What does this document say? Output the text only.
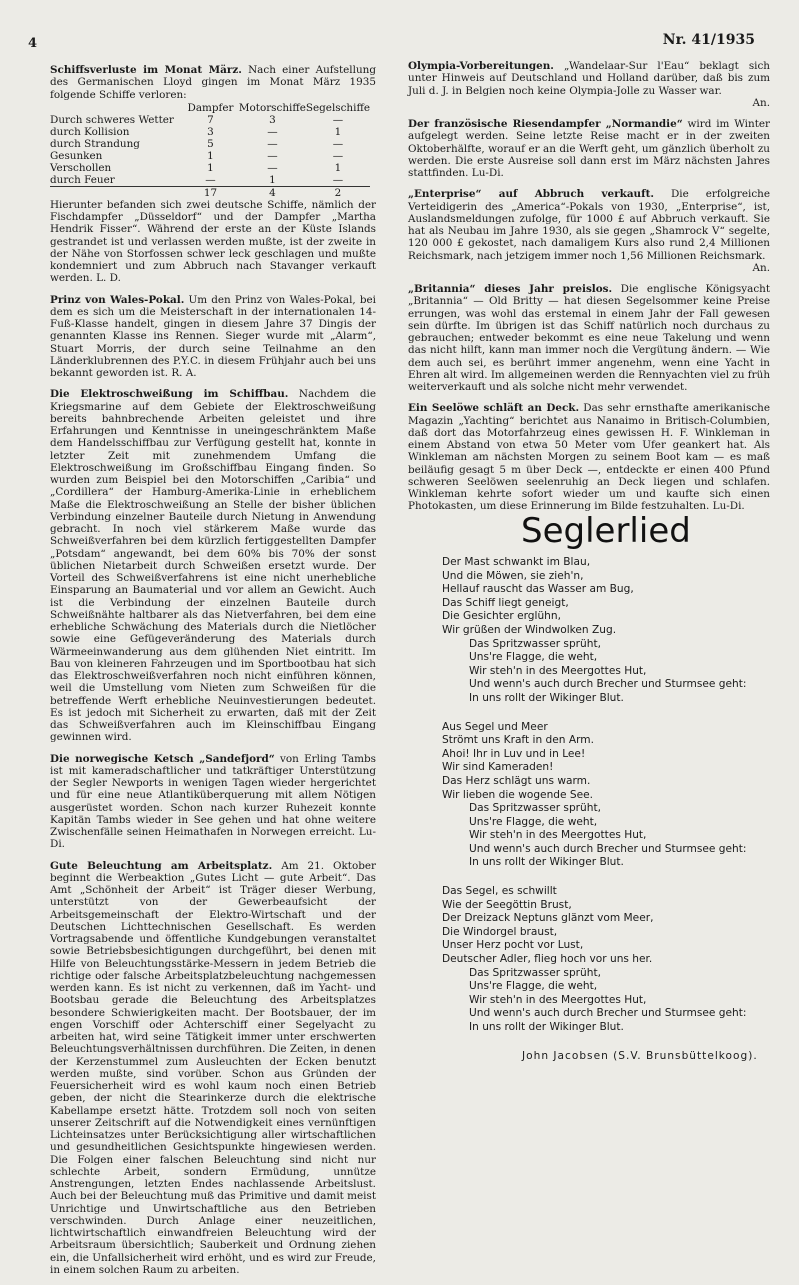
4	Nr. 41/1935

Schiffsverluste im Monat März. Nach einer Aufstellung des Germanischen Lloyd gingen im Monat März 1935 folgende Schiffe verloren:

	Dampfer	Motorschiffe	Segelschiffe
Durch schweres Wetter	7	3	—
durch Kollision	3	—	1
durch Strandung	5	—	—
Gesunken	1	—	—
Verschollen	1	—	1
durch Feuer	—	1	—
	17	4	2

Hierunter befanden sich zwei deutsche Schiffe, nämlich der Fischdampfer „Düsseldorf“ und der Dampfer „Martha Hendrik Fisser“. Während der erste an der Küste Islands gestrandet ist und verlassen werden mußte, ist der zweite in der Nähe von Storfossen schwer leck geschlagen und mußte kondemniert und zum Abbruch nach Stavanger verkauft werden. L. D.

Prinz von Wales-Pokal. Um den Prinz von Wales-Pokal, bei dem es sich um die Meisterschaft in der internationalen 14-Fuß-Klasse handelt, gingen in diesem Jahre 37 Dingis der genannten Klasse ins Rennen. Sieger wurde mit „Alarm“, Stuart Morris, der durch seine Teilnahme an den Länderklubrennen des P.Y.C. in diesem Frühjahr auch bei uns bekannt geworden ist. R. A.

Die Elektroschweißung im Schiffbau. Nachdem die Kriegsmarine auf dem Gebiete der Elektroschweißung bereits bahnbrechende Arbeiten geleistet und ihre Erfahrungen und Kenntnisse in uneingeschränktem Maße dem Handelsschiffbau zur Verfügung gestellt hat, konnte in letzter Zeit mit zunehmendem Umfang die Elektroschweißung im Großschiffbau Eingang finden. So wurden zum Beispiel bei den Motorschiffen „Caribia“ und „Cordillera“ der Hamburg-Amerika-Linie in erheblichem Maße die Elektroschweißung an Stelle der bisher üblichen Verbindung einzelner Bauteile durch Nietung in Anwendung gebracht. In noch viel stärkerem Maße wurde das Schweißverfahren bei dem kürzlich fertiggestellten Dampfer „Potsdam“ angewandt, bei dem 60% bis 70% der sonst üblichen Nietarbeit durch Schweißen ersetzt wurde. Der Vorteil des Schweißverfahrens ist eine nicht unerhebliche Einsparung an Baumaterial und vor allem an Gewicht. Auch ist die Verbindung der einzelnen Bauteile durch Schweißnähte haltbarer als das Nietverfahren, bei dem eine erhebliche Schwächung des Materials durch die Nietlöcher sowie eine Gefügeveränderung des Materials durch Wärmeeinwanderung aus dem glühenden Niet eintritt. Im Bau von kleineren Fahrzeugen und im Sportbootbau hat sich das Elektroschweißverfahren noch nicht einführen können, weil die Umstellung vom Nieten zum Schweißen für die betreffende Werft erhebliche Neuinvestierungen bedeutet. Es ist jedoch mit Sicherheit zu erwarten, daß mit der Zeit das Schweißverfahren auch im Kleinschiffbau Eingang gewinnen wird.

Die norwegische Ketsch „Sandefjord“ von Erling Tambs ist mit kameradschaftlicher und tatkräftiger Unterstützung der Segler Newports in wenigen Tagen wieder hergerichtet und für eine neue Atlantiküberquerung mit allem Nötigen ausgerüstet worden. Schon nach kurzer Ruhezeit konnte Kapitän Tambs wieder in See gehen und hat ohne weitere Zwischenfälle seinen Heimathafen in Norwegen erreicht. Lu-Di.

Gute Beleuchtung am Arbeitsplatz. Am 21. Oktober beginnt die Werbeaktion „Gutes Licht — gute Arbeit“. Das Amt „Schönheit der Arbeit“ ist Träger dieser Werbung, unterstützt von der Gewerbeaufsicht der Arbeitsgemeinschaft der Elektro-Wirtschaft und der Deutschen Lichttechnischen Gesellschaft. Es werden Vortragsabende und öffentliche Kundgebungen veranstaltet sowie Betriebsbesichtigungen durchgeführt, bei denen mit Hilfe von Beleuchtungsstärke-Messern in jedem Betrieb die richtige oder falsche Arbeitsplatzbeleuchtung nachgemessen werden kann. Es ist nicht zu verkennen, daß im Yacht- und Bootsbau gerade die Beleuchtung des Arbeitsplatzes besondere Schwierigkeiten macht. Der Bootsbauer, der im engen Vorschiff oder Achterschiff einer Segelyacht zu arbeiten hat, wird seine Tätigkeit immer unter erschwerten Beleuchtungsverhältnissen durchführen. Die Zeiten, in denen der Kerzenstummel zum Ausleuchten der Ecken benutzt werden mußte, sind vorüber. Schon aus Gründen der Feuersicherheit wird es wohl kaum noch einen Betrieb geben, der nicht die Stearinkerze durch die elektrische Kabellampe ersetzt hätte. Trotzdem soll noch von seiten unserer Zeitschrift auf die Notwendigkeit eines vernünftigen Lichteinsatzes unter Berücksichtigung aller wirtschaftlichen und gesundheitlichen Gesichtspunkte hingewiesen werden. Die Folgen einer falschen Beleuchtung sind nicht nur schlechte Arbeit, sondern Ermüdung, unnütze Anstrengungen, letzten Endes nachlassende Arbeitslust. Auch bei der Beleuchtung muß das Primitive und damit meist Unrichtige und Unwirtschaftliche aus den Betrieben verschwinden. Durch Anlage einer neuzeitlichen, lichtwirtschaftlich einwandfreien Beleuchtung wird der Arbeitsraum übersichtlich; Sauberkeit und Ordnung ziehen ein, die Unfallsicherheit wird erhöht, und es wird zur Freude, in einem solchen Raum zu arbeiten.

Olympia-Vorbereitungen. „Wandelaar-Sur l'Eau“ beklagt sich unter Hinweis auf Deutschland und Holland darüber, daß bis zum Juli d. J. in Belgien noch keine Olympia-Jolle zu Wasser war.

An.

Der französische Riesendampfer „Normandie“ wird im Winter aufgelegt werden. Seine letzte Reise macht er in der zweiten Oktoberhälfte, worauf er an die Werft geht, um gänzlich überholt zu werden. Die erste Ausreise soll dann erst im März nächsten Jahres stattfinden. Lu-Di.

„Enterprise“ auf Abbruch verkauft. Die erfolgreiche Verteidigerin des „America“-Pokals von 1930, „Enterprise“, ist, Auslandsmeldungen zufolge, für 1000 £ auf Abbruch verkauft. Sie hat als Neubau im Jahre 1930, als sie gegen „Shamrock V“ segelte, 120 000 £ gekostet, nach damaligem Kurs also rund 2,4 Millionen Reichsmark, nach jetzigem immer noch 1,56 Millionen Reichsmark.

An.

„Britannia“ dieses Jahr preislos. Die englische Königsyacht „Britannia“ — Old Britty — hat diesen Segelsommer keine Preise errungen, was wohl das erstemal in einem Jahr der Fall gewesen sein dürfte. Im übrigen ist das Schiff natürlich noch durchaus zu gebrauchen; entweder bekommt es eine neue Takelung und wenn das nicht hilft, kann man immer noch die Vergütung ändern. — Wie dem auch sei, es berührt immer angenehm, wenn eine Yacht in Ehren alt wird. Im allgemeinen werden die Rennyachten viel zu früh weiterverkauft und als solche nicht mehr verwendet.

Ein Seelöwe schläft an Deck. Das sehr ernsthafte amerikanische Magazin „Yachting“ berichtet aus Nanaimo in Britisch-Columbien, daß dort das Motorfahrzeug eines gewissen H. F. Winkleman in einem Abstand von etwa 50 Meter vom Ufer geankert hat. Als Winkleman am nächsten Morgen zu seinem Boot kam — es maß beiläufig gesagt 5 m über Deck —, entdeckte er einen 400 Pfund schweren Seelöwen seelenruhig an Deck liegen und schlafen. Winkleman kehrte sofort wieder um und kaufte sich einen Photokasten, um diese Erinnerung im Bilde festzuhalten. Lu-Di.

Seglerlied
Der Mast schwankt im Blau,
Und die Möwen, sie zieh'n,
Hellauf rauscht das Wasser am Bug,
Das Schiff liegt geneigt,
Die Gesichter erglühn,
Wir grüßen der Windwolken Zug.
Das Spritzwasser sprüht,
Uns're Flagge, die weht,
Wir steh'n in des Meergottes Hut,
Und wenn's auch durch Brecher und Sturmsee geht:
In uns rollt der Wikinger Blut.
Aus Segel und Meer
Strömt uns Kraft in den Arm.
Ahoi! Ihr in Luv und in Lee!
Wir sind Kameraden!
Das Herz schlägt uns warm.
Wir lieben die wogende See.
Das Spritzwasser sprüht,
Uns're Flagge, die weht,
Wir steh'n in des Meergottes Hut,
Und wenn's auch durch Brecher und Sturmsee geht:
In uns rollt der Wikinger Blut.
Das Segel, es schwillt
Wie der Seegöttin Brust,
Der Dreizack Neptuns glänzt vom Meer,
Die Windorgel braust,
Unser Herz pocht vor Lust,
Deutscher Adler, flieg hoch vor uns her.
Das Spritzwasser sprüht,
Uns're Flagge, die weht,
Wir steh'n in des Meergottes Hut,
Und wenn's auch durch Brecher und Sturmsee geht:
In uns rollt der Wikinger Blut.
John Jacobsen (S.V. Brunsbüttelkoog).
